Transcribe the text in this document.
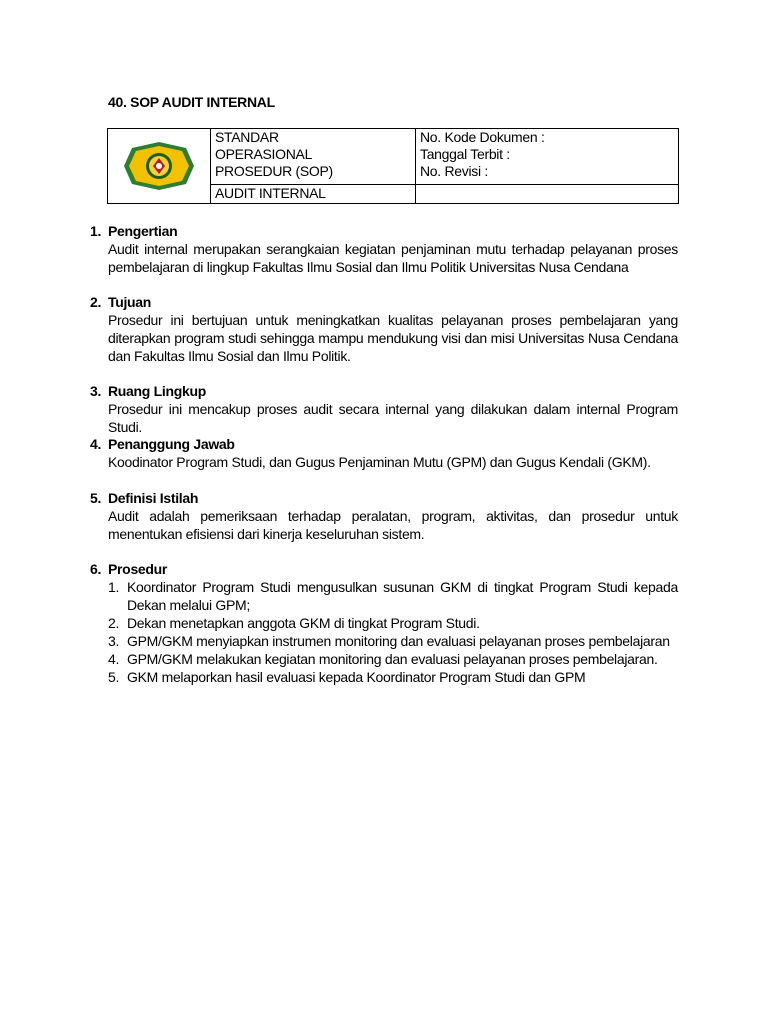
40. SOP AUDIT INTERNAL

STANDAR OPERASIONAL PROSEDUR (SOP)	No. Kode Dokumen :
Tanggal Terbit :
No. Revisi :

	AUDIT INTERNAL	

1. Pengertian
Audit internal merupakan serangkaian kegiatan penjaminan mutu terhadap pelayanan proses pembelajaran di lingkup Fakultas Ilmu Sosial dan Ilmu Politik Universitas Nusa Cendana
2. Tujuan
Prosedur ini bertujuan untuk meningkatkan kualitas pelayanan proses pembelajaran yang diterapkan program studi sehingga mampu mendukung visi dan misi Universitas Nusa Cendana dan Fakultas Ilmu Sosial dan Ilmu Politik.
3. Ruang Lingkup
Prosedur ini mencakup proses audit secara internal yang dilakukan dalam internal Program Studi.
4. Penanggung Jawab
Koodinator Program Studi, dan Gugus Penjaminan Mutu (GPM) dan Gugus Kendali (GKM).
5. Definisi Istilah
Audit adalah pemeriksaan terhadap peralatan, program, aktivitas, dan prosedur untuk menentukan efisiensi dari kinerja keseluruhan sistem.
6. Prosedur
1. Koordinator Program Studi mengusulkan susunan GKM di tingkat Program Studi kepada Dekan melalui GPM;
2. Dekan menetapkan anggota GKM di tingkat Program Studi.
3. GPM/GKM menyiapkan instrumen monitoring dan evaluasi pelayanan proses pembelajaran
4. GPM/GKM melakukan kegiatan monitoring dan evaluasi pelayanan proses pembelajaran.
5. GKM melaporkan hasil evaluasi kepada Koordinator Program Studi dan GPM
